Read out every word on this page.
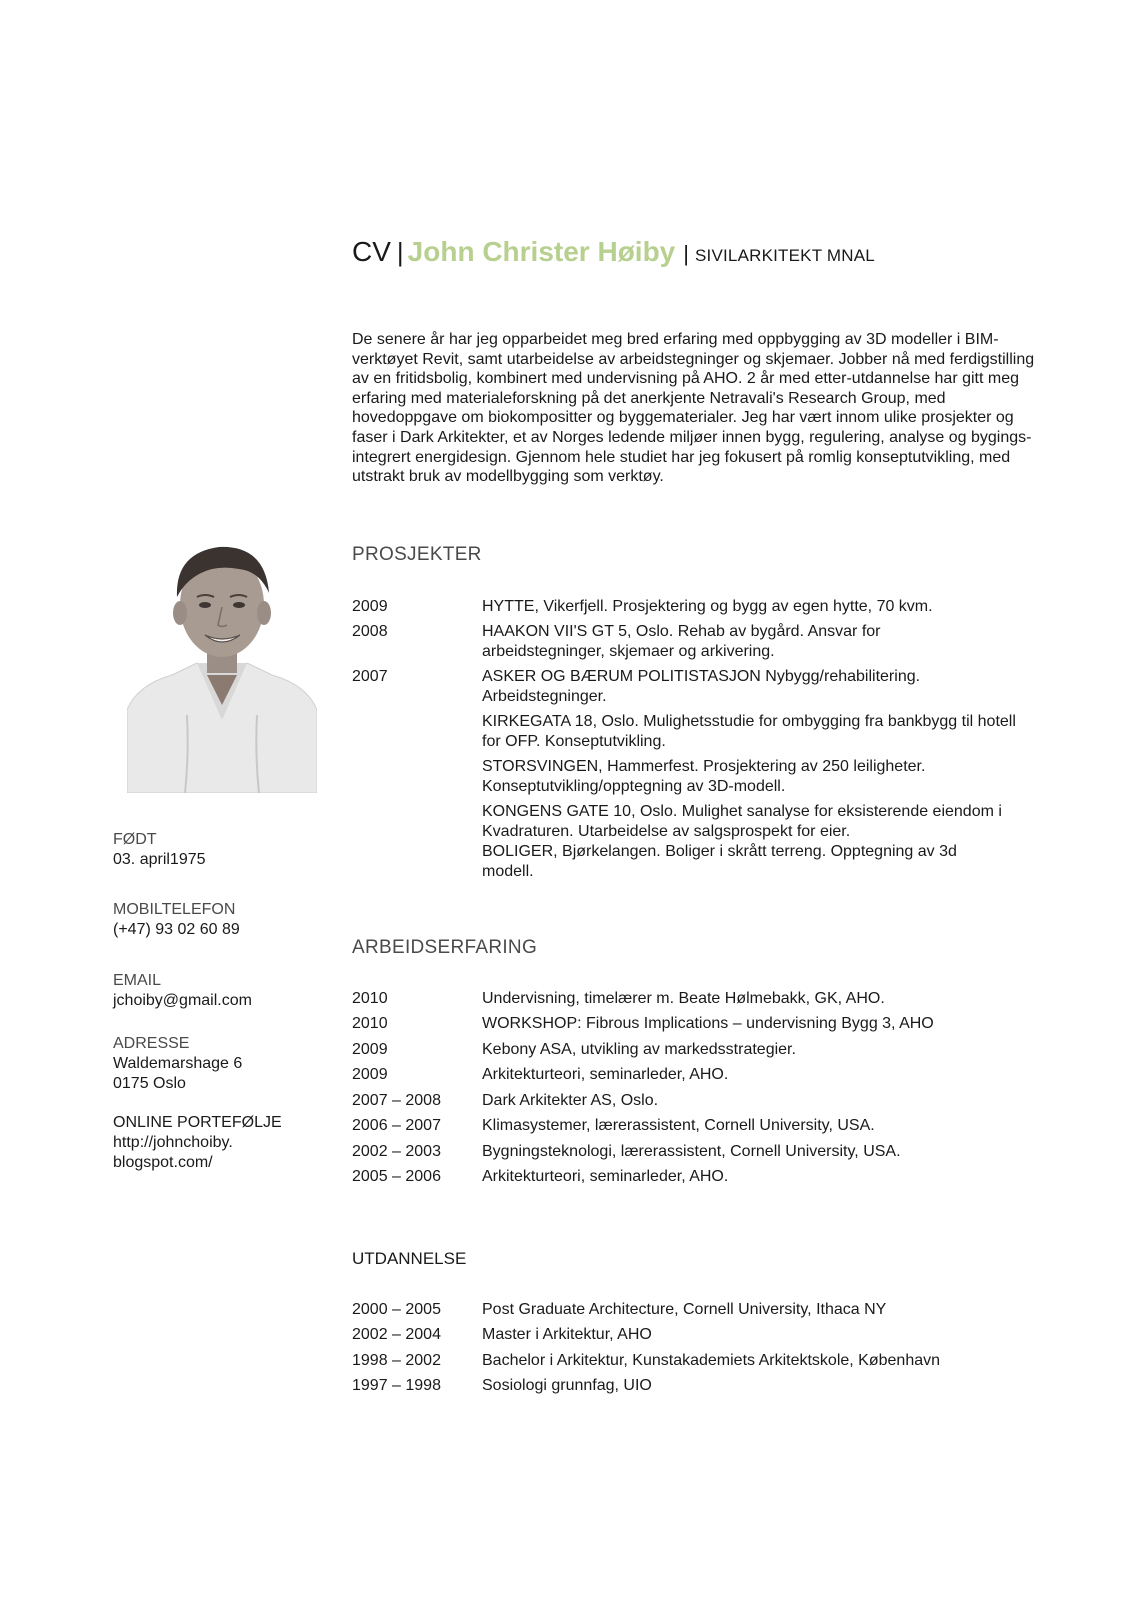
CV | John Christer Høiby | SIVILARKITEKT MNAL
De senere år har jeg opparbeidet meg bred erfaring med oppbygging av 3D modeller i BIM-verktøyet Revit, samt utarbeidelse av arbeidstegninger og skjemaer. Jobber nå med ferdigstilling av en fritidsbolig, kombinert med undervisning på AHO. 2 år med etter-utdannelse har gitt meg erfaring med materialeforskning på det anerkjente Netravali's Research Group, med hovedoppgave om biokompositter og byggematerialer. Jeg har vært innom ulike prosjekter og faser i Dark Arkitekter, et av Norges ledende miljøer innen bygg, regulering, analyse og bygings-integrert energidesign. Gjennom hele studiet har jeg fokusert på romlig konseptutvikling, med utstrakt bruk av modellbygging som verktøy.
FØDT
03. april1975
MOBILTELEFON
(+47) 93 02 60 89
EMAIL
jchoiby@gmail.com
ADRESSE
Waldemarshage 6
0175 Oslo
ONLINE PORTEFØLJE
http://johnchoiby.
blogspot.com/
PROSJEKTER
2009	HYTTE, Vikerfjell. Prosjektering og bygg av egen hytte, 70 kvm.
2008	HAAKON VII'S GT 5, Oslo. Rehab av bygård. Ansvar for arbeidstegninger, skjemaer og arkivering.
2007	ASKER OG BÆRUM POLITISTASJON Nybygg/rehabilitering. Arbeidstegninger.
KIRKEGATA 18, Oslo. Mulighetsstudie for ombygging fra bankbygg til hotell for OFP. Konseptutvikling.
STORSVINGEN, Hammerfest. Prosjektering av 250 leiligheter. Konseptutvikling/opptegning av 3D-modell.
KONGENS GATE 10, Oslo. Mulighet sanalyse for eksisterende eiendom i Kvadraturen. Utarbeidelse av salgsprospekt for eier.
BOLIGER, Bjørkelangen. Boliger i skrått terreng. Opptegning av 3d modell.
ARBEIDSERFARING
2010	Undervisning, timelærer m. Beate Hølmebakk, GK, AHO.
2010	WORKSHOP: Fibrous Implications – undervisning Bygg 3, AHO
2009	Kebony ASA, utvikling av markedsstrategier.
2009	Arkitekturteori, seminarleder, AHO.
2007 – 2008	Dark Arkitekter AS, Oslo.
2006 – 2007	Klimasystemer, lærerassistent, Cornell University, USA.
2002 – 2003	Bygningsteknologi, lærerassistent, Cornell University, USA.
2005 – 2006	Arkitekturteori, seminarleder, AHO.
UTDANNELSE
2000 – 2005	Post Graduate Architecture, Cornell University, Ithaca NY
2002 – 2004	Master i Arkitektur, AHO
1998 – 2002	Bachelor i Arkitektur, Kunstakademiets Arkitektskole, København
1997 – 1998	Sosiologi grunnfag, UIO
